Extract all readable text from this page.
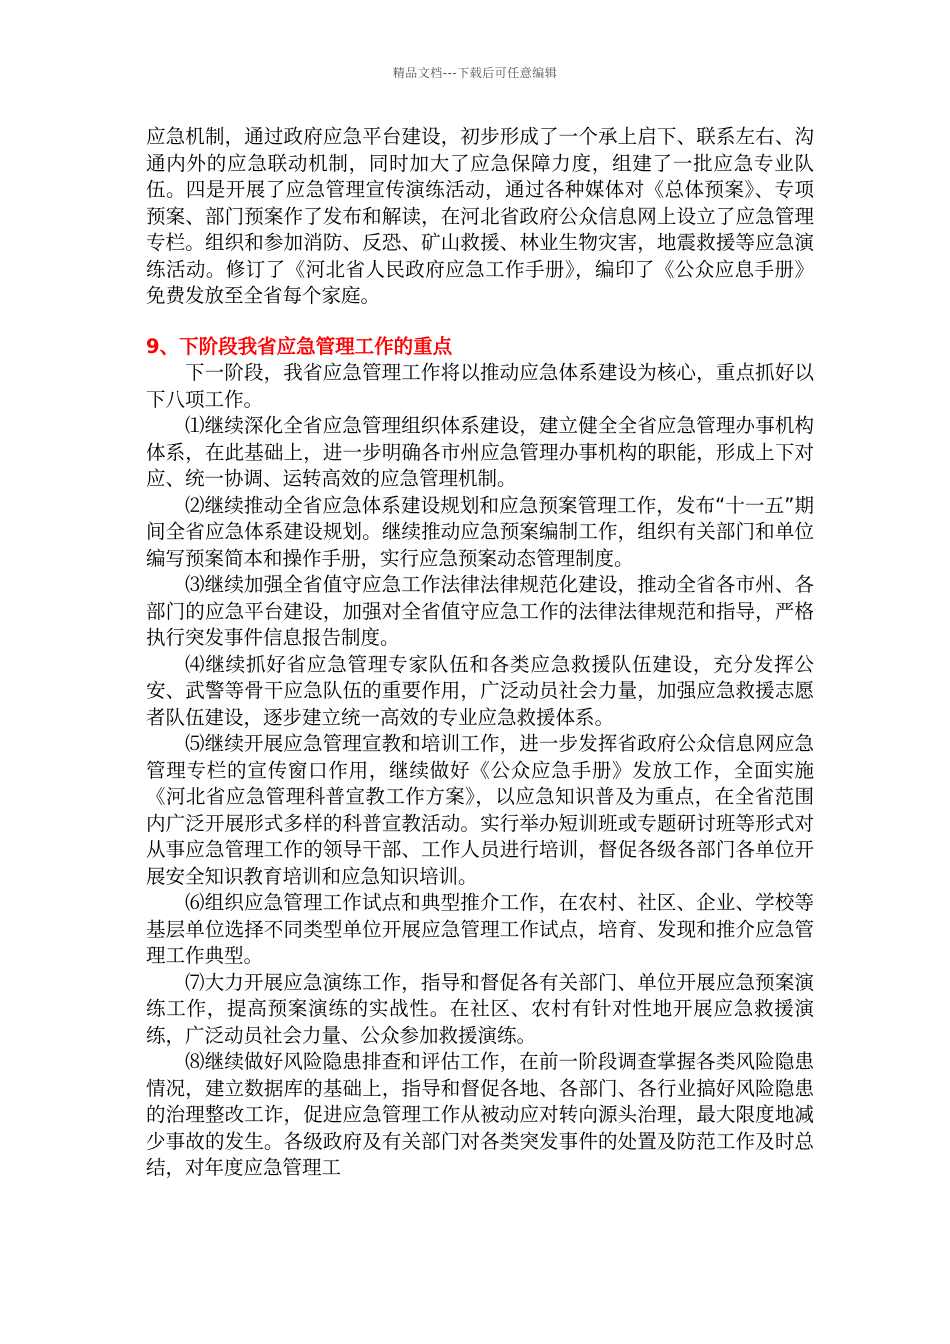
精品文档---下载后可任意编辑

应急机制，通过政府应急平台建设，初步形成了一个承上启下、联系左右、沟通内外的应急联动机制，同时加大了应急保障力度，组建了一批应急专业队伍。四是开展了应急管理宣传演练活动，通过各种媒体对《总体预案》、专项预案、部门预案作了发布和解读，在河北省政府公众信息网上设立了应急管理专栏。组织和参加消防、反恐、矿山救援、林业生物灾害，地震救援等应急演练活动。修订了《河北省人民政府应急工作手册》，编印了《公众应息手册》免费发放至全省每个家庭。

9、下阶段我省应急管理工作的重点

下一阶段，我省应急管理工作将以推动应急体系建设为核心，重点抓好以下八项工作。

⑴继续深化全省应急管理组织体系建设，建立健全全省应急管理办事机构体系，在此基础上，进一步明确各市州应急管理办事机构的职能，形成上下对应、统一协调、运转高效的应急管理机制。

⑵继续推动全省应急体系建设规划和应急预案管理工作，发布“十一五”期间全省应急体系建设规划。继续推动应急预案编制工作，组织有关部门和单位编写预案简本和操作手册，实行应急预案动态管理制度。

⑶继续加强全省值守应急工作法律法律规范化建设，推动全省各市州、各部门的应急平台建设，加强对全省值守应急工作的法律法律规范和指导，严格执行突发事件信息报告制度。

⑷继续抓好省应急管理专家队伍和各类应急救援队伍建设，充分发挥公安、武警等骨干应急队伍的重要作用，广泛动员社会力量，加强应急救援志愿者队伍建设，逐步建立统一高效的专业应急救援体系。

⑸继续开展应急管理宣教和培训工作，进一步发挥省政府公众信息网应急管理专栏的宣传窗口作用，继续做好《公众应急手册》发放工作，全面实施《河北省应急管理科普宣教工作方案》，以应急知识普及为重点，在全省范围内广泛开展形式多样的科普宣教活动。实行举办短训班或专题研讨班等形式对从事应急管理工作的领导干部、工作人员进行培训，督促各级各部门各单位开展安全知识教育培训和应急知识培训。

⑹组织应急管理工作试点和典型推介工作，在农村、社区、企业、学校等基层单位选择不同类型单位开展应急管理工作试点，培育、发现和推介应急管理工作典型。

⑺大力开展应急演练工作，指导和督促各有关部门、单位开展应急预案演练工作，提高预案演练的实战性。在社区、农村有针对性地开展应急救援演练，广泛动员社会力量、公众参加救援演练。

⑻继续做好风险隐患排查和评估工作，在前一阶段调查掌握各类风险隐患情况，建立数据库的基础上，指导和督促各地、各部门、各行业搞好风险隐患的治理整改工诈，促进应急管理工作从被动应对转向源头治理，最大限度地减少事故的发生。各级政府及有关部门对各类突发事件的处置及防范工作及时总结，对年度应急管理工
